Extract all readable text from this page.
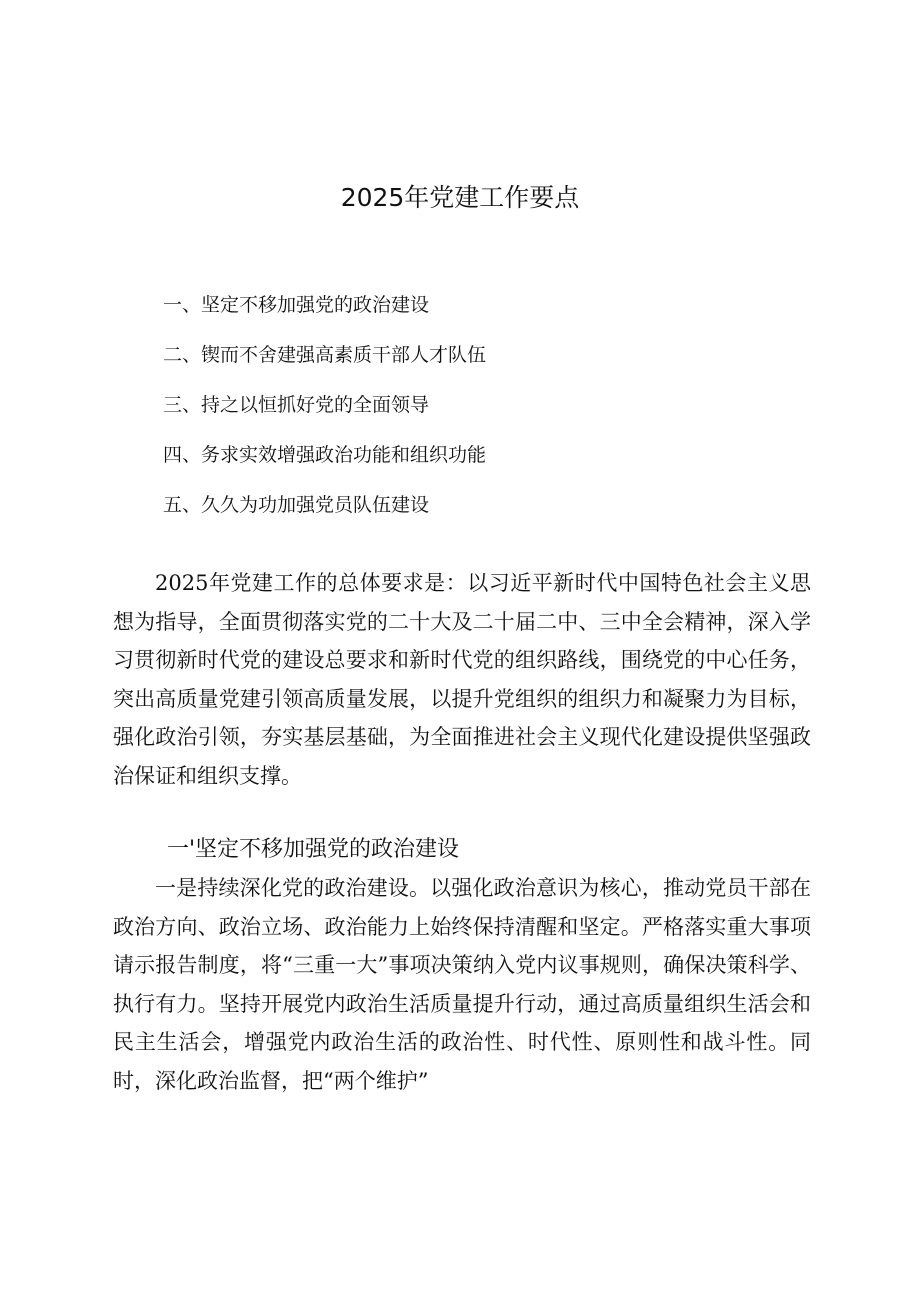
2025年党建工作要点
一、坚定不移加强党的政治建设
二、锲而不舍建强高素质干部人才队伍
三、持之以恒抓好党的全面领导
四、务求实效增强政治功能和组织功能
五、久久为功加强党员队伍建设

2025年党建工作的总体要求是：以习近平新时代中国特色社会主义思想为指导，全面贯彻落实党的二十大及二十届二中、三中全会精神，深入学习贯彻新时代党的建设总要求和新时代党的组织路线，围绕党的中心任务，突出高质量党建引领高质量发展，以提升党组织的组织力和凝聚力为目标，强化政治引领，夯实基层基础，为全面推进社会主义现代化建设提供坚强政治保证和组织支撑。

一'坚定不移加强党的政治建设

一是持续深化党的政治建设。以强化政治意识为核心，推动党员干部在政治方向、政治立场、政治能力上始终保持清醒和坚定。严格落实重大事项请示报告制度，将“三重一大”事项决策纳入党内议事规则，确保决策科学、执行有力。坚持开展党内政治生活质量提升行动，通过高质量组织生活会和民主生活会，增强党内政治生活的政治性、时代性、原则性和战斗性。同时，深化政治监督，把“两个维护”
